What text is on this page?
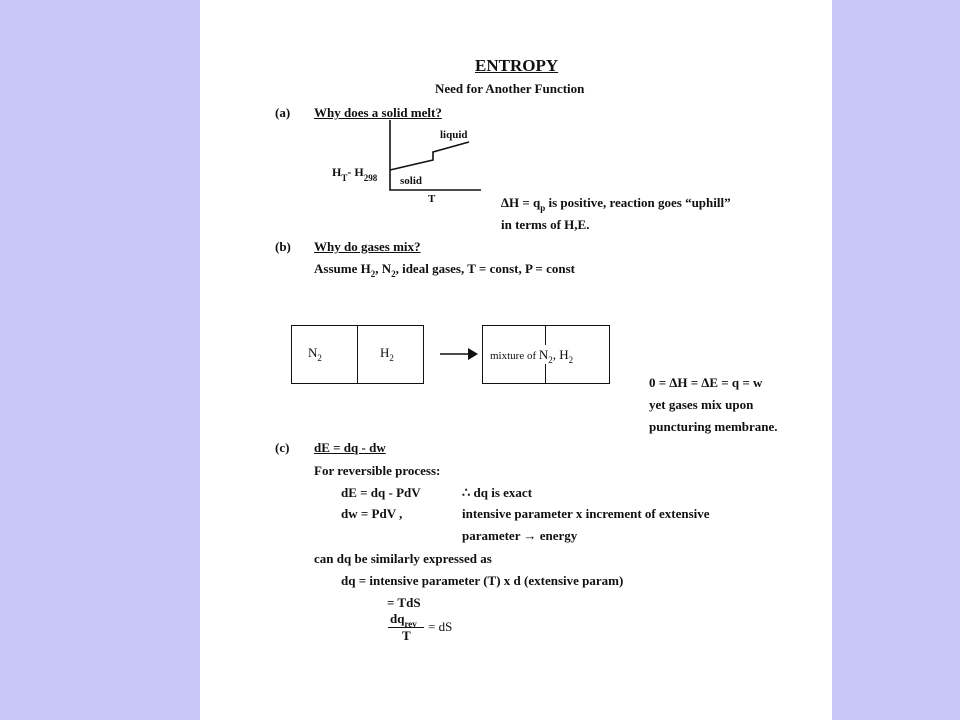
ENTROPY
Need for Another Function
(a) Why does a solid melt?
$H_T-$ $H_{298}$ solid
liquid
T	$\Delta H = q_p$ is positive, reaction goes “uphill”
in terms of H,E.
(b) Why do gases mix?
Assume $H_2$, $N_2$, ideal gases, T = const, P = const
$N_2$	$H_2$	mixture of $N_2$, $H_2$
0 = ∆H = ∆E = q = w
yet gases mix upon
puncturing membrane.
(c) dE = dq - dw
For reversible process:
dE = dq - PdV	∴ dq is exact
dw = PdV ,	intensive parameter x increment of extensive
parameter → energy
can dq be similarly expressed as
dq = intensive parameter (T) x d (extensive param)
= TdS
$dq_{rev}$
T
= dS
